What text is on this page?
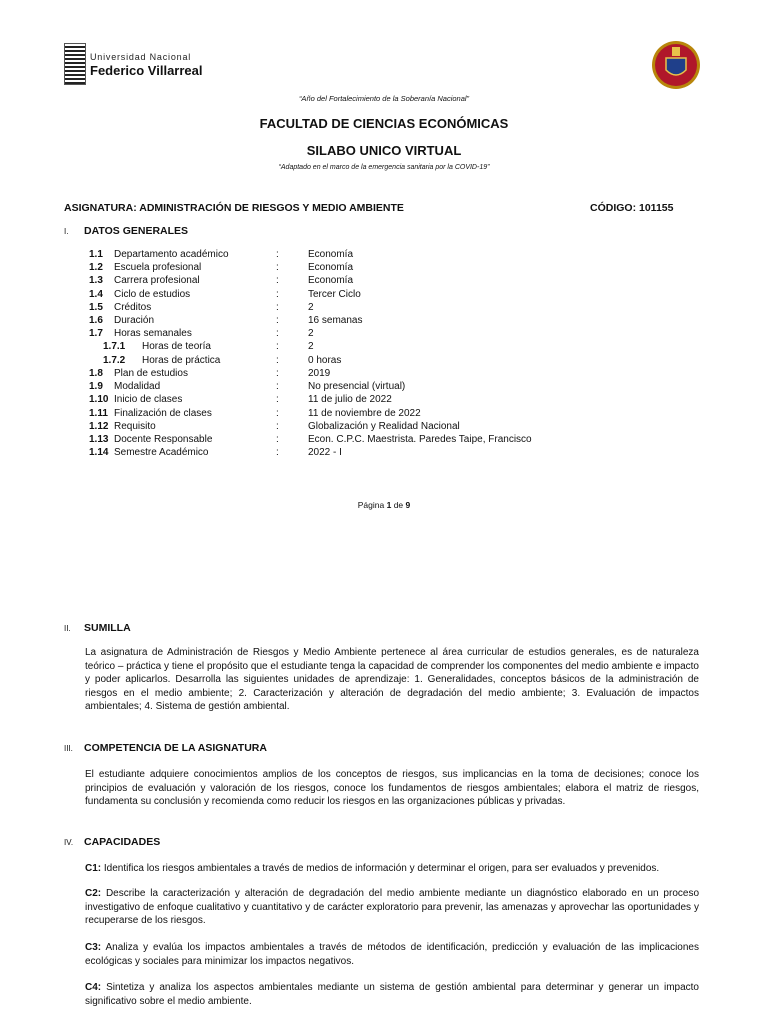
Universidad Nacional
Federico Villarreal
“Año del Fortalecimiento de la Soberanía Nacional”
FACULTAD DE CIENCIAS ECONÓMICAS
SILABO UNICO VIRTUAL
“Adaptado en el marco de la emergencia sanitaria por la COVID-19”
ASIGNATURA: ADMINISTRACIÓN DE RIESGOS Y MEDIO AMBIENTE	CÓDIGO: 101155
I. DATOS GENERALES
1.1 Departamento académico	:	Economía
1.2 Escuela profesional	:	Economía
1.3 Carrera profesional	:	Economía
1.4 Ciclo de estudios	:	Tercer Ciclo
1.5 Créditos	:	2
1.6 Duración	:	16 semanas
1.7 Horas semanales	:	2
1.7.1 Horas de teoría	:	2
1.7.2 Horas de práctica	:	0 horas
1.8 Plan de estudios	:	2019
1.9 Modalidad	:	No presencial (virtual)
1.10 Inicio de clases	:	11 de julio de 2022
1.11 Finalización de clases	:	11 de noviembre de 2022
1.12 Requisito	:	Globalización y Realidad Nacional
1.13 Docente Responsable	:	Econ. C.P.C. Maestrista. Paredes Taipe, Francisco
1.14 Semestre Académico	:	2022 - I
Página 1 de 9
II. SUMILLA
La asignatura de Administración de Riesgos y Medio Ambiente pertenece al área curricular de estudios generales, es de naturaleza teórico – práctica y tiene el propósito que el estudiante tenga la capacidad de comprender los componentes del medio ambiente e impacto y poder aplicarlos. Desarrolla las siguientes unidades de aprendizaje: 1. Generalidades, conceptos básicos de la administración de riesgos en el medio ambiente; 2. Caracterización y alteración de degradación del medio ambiente; 3. Evaluación de impactos ambientales; 4. Sistema de gestión ambiental.
III. COMPETENCIA DE LA ASIGNATURA
El estudiante adquiere conocimientos amplios de los conceptos de riesgos, sus implicancias en la toma de decisiones; conoce los principios de evaluación y valoración de los riesgos, conoce los fundamentos de riesgos ambientales; elabora el matriz de riesgos, fundamenta su conclusión y recomienda como reducir los riesgos en las organizaciones públicas y privadas.
IV. CAPACIDADES
C1: Identifica los riesgos ambientales a través de medios de información y determinar el origen, para ser evaluados y prevenidos.
C2: Describe la caracterización y alteración de degradación del medio ambiente mediante un diagnóstico elaborado en un proceso investigativo de enfoque cualitativo y cuantitativo y de carácter exploratorio para prevenir, las amenazas y aprovechar las oportunidades y recuperarse de los riesgos.
C3: Analiza y evalúa los impactos ambientales a través de métodos de identificación, predicción y evaluación de las implicaciones ecológicas y sociales para minimizar los impactos negativos.
C4: Sintetiza y analiza los aspectos ambientales mediante un sistema de gestión ambiental para determinar y generar un impacto significativo sobre el medio ambiente.
